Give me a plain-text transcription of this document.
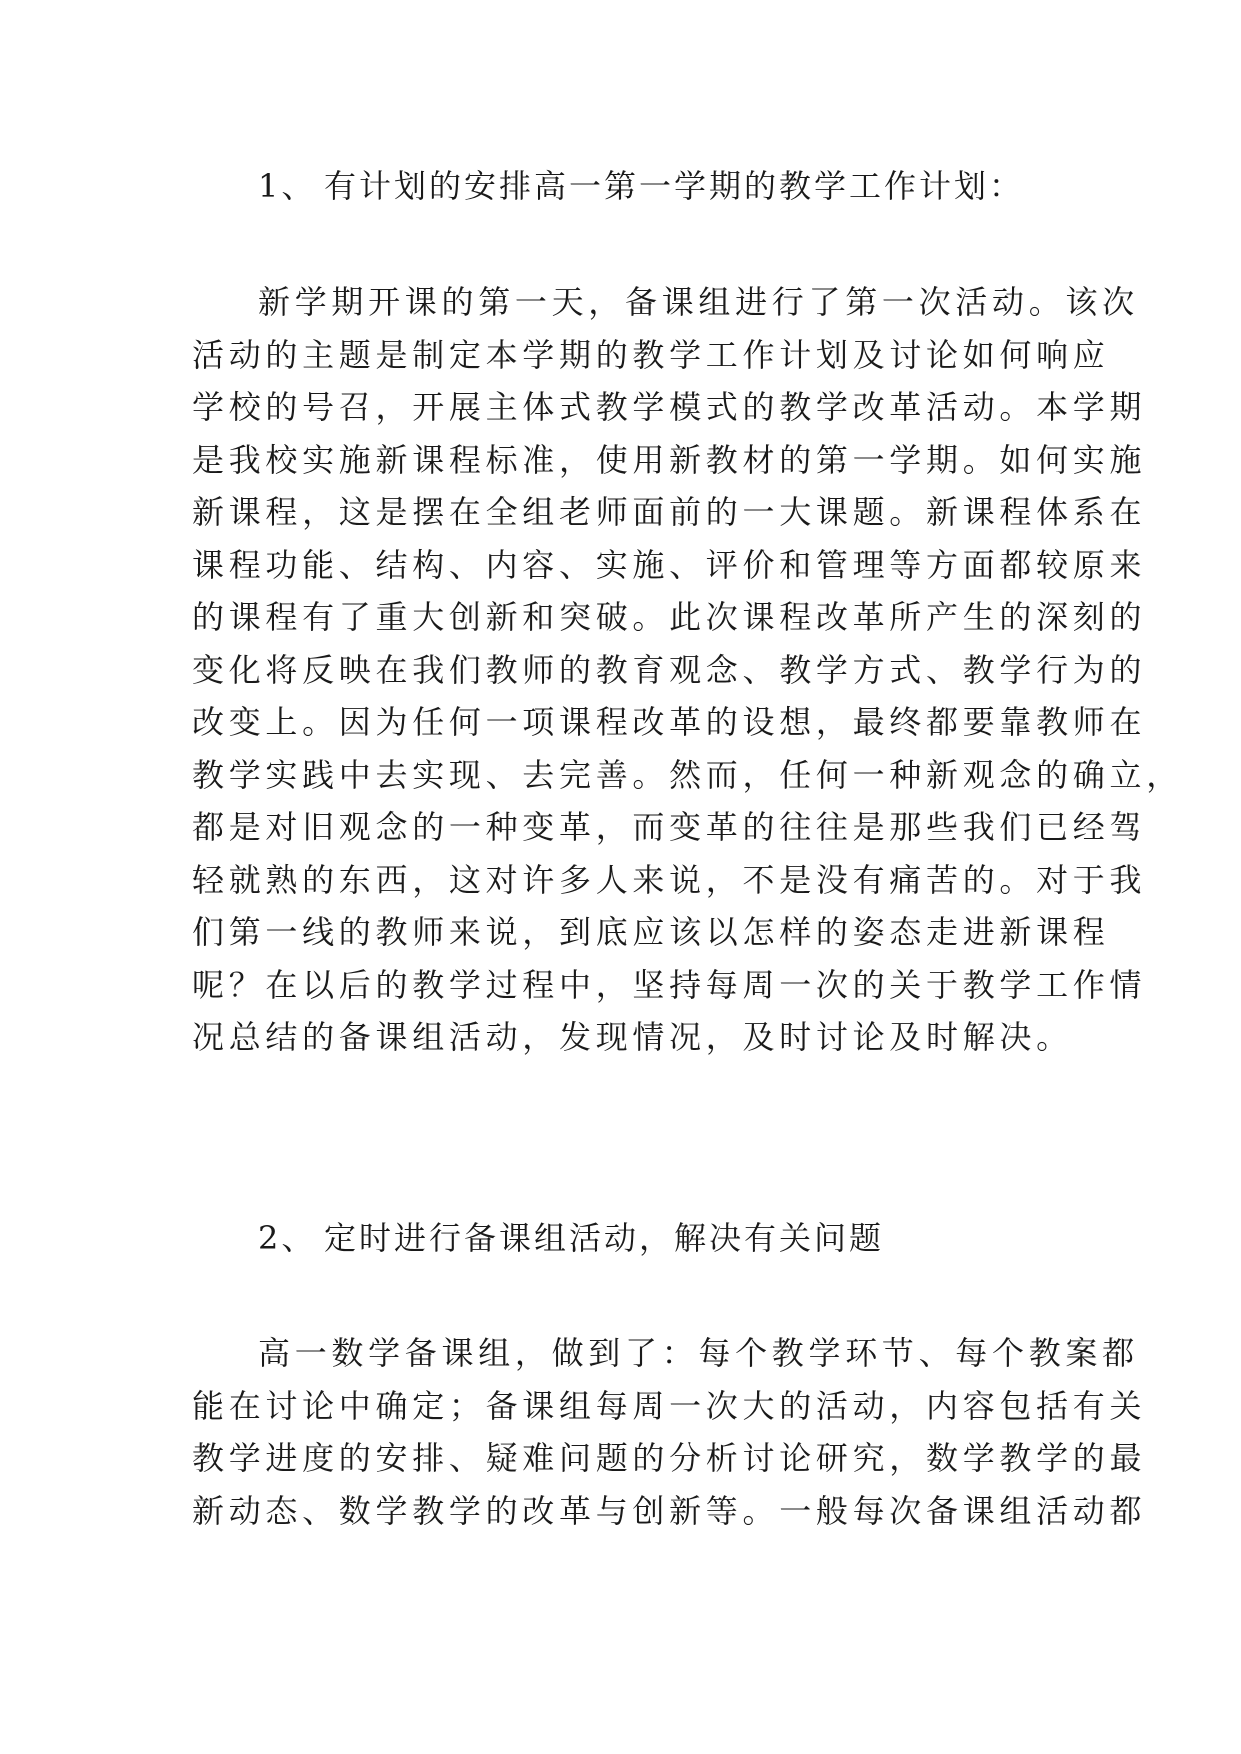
1、 有计划的安排高一第一学期的教学工作计划：
新学期开课的第一天，备课组进行了第一次活动。该次
活动的主题是制定本学期的教学工作计划及讨论如何响应
学校的号召，开展主体式教学模式的教学改革活动。本学期
是我校实施新课程标准，使用新教材的第一学期。如何实施
新课程，这是摆在全组老师面前的一大课题。新课程体系在
课程功能、结构、内容、实施、评价和管理等方面都较原来
的课程有了重大创新和突破。此次课程改革所产生的深刻的
变化将反映在我们教师的教育观念、教学方式、教学行为的
改变上。因为任何一项课程改革的设想，最终都要靠教师在
教学实践中去实现、去完善。然而，任何一种新观念的确立，
都是对旧观念的一种变革，而变革的往往是那些我们已经驾
轻就熟的东西，这对许多人来说，不是没有痛苦的。对于我
们第一线的教师来说，到底应该以怎样的姿态走进新课程
呢？在以后的教学过程中，坚持每周一次的关于教学工作情
况总结的备课组活动，发现情况，及时讨论及时解决。
2、 定时进行备课组活动，解决有关问题
高一数学备课组，做到了：每个教学环节、每个教案都
能在讨论中确定；备课组每周一次大的活动，内容包括有关
教学进度的安排、疑难问题的分析讨论研究，数学教学的最
新动态、数学教学的改革与创新等。一般每次备课组活动都
